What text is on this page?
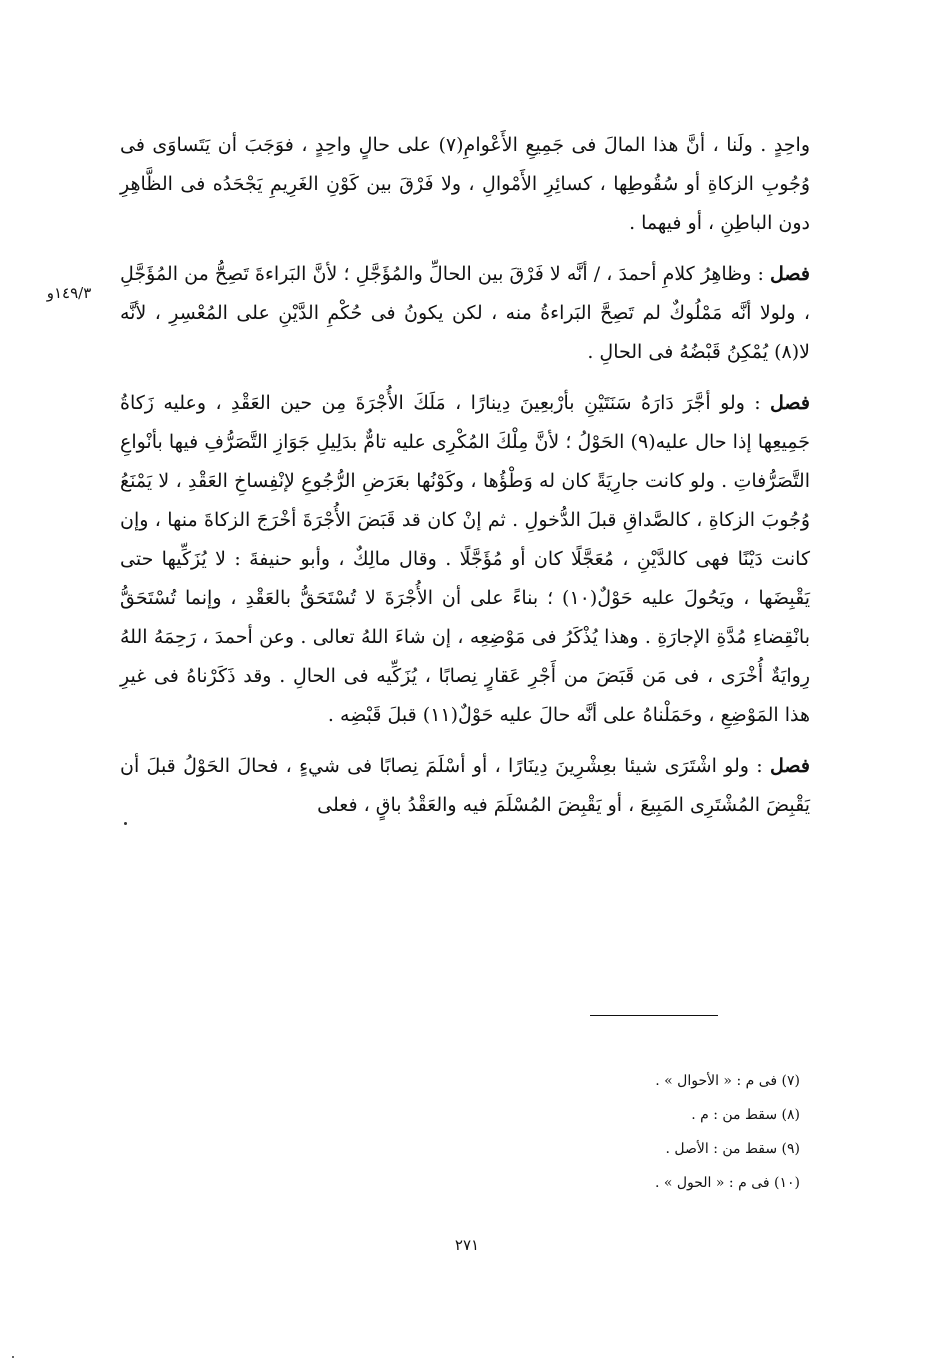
١٤٩/٣و

واحِدٍ . ولَنا ، أنَّ هذا المالَ فى جَمِيعِ الأَعْوامِ(٧) على حالٍ واحِدٍ ، فوَجَبَ أن يَتَساوَى فى وُجُوبِ الزكاةِ أو سُقُوطِها ، كسائِرِ الأَمْوالِ ، ولا فَرْقَ بين كَوْنِ الغَرِيمِ يَجْحَدُه فى الظَّاهِرِ دون الباطِنِ ، أو فيهما .

فصل : وظاهِرُ كلامِ أحمدَ ، / أنَّه لا فَرْقَ بين الحالِّ والمُؤَجَّلِ ؛ لأنَّ البَراءةَ تَصِحُّ من المُؤَجَّلِ ، ولولا أنَّه مَمْلُوكٌ لم تَصِحَّ البَراءةُ منه ، لكن يكونُ فى حُكْمِ الدَّيْنِ على المُعْسِرِ ، لأنَّه لا(٨) يُمْكِنُ قَبْضُهُ فى الحالِ .

فصل : ولو أجَّرَ دَارَهُ سَنَتَيْنِ بأرْبعِينَ دِينارًا ، مَلَكَ الأُجْرَةَ مِن حين العَقْدِ ، وعليه زَكاةُ جَمِيعِها إذا حال عليه(٩) الحَوْلُ ؛ لأنَّ مِلْكَ المُكْرِى عليه تامٌّ بدَلِيلِ جَوَازِ التَّصَرُّفِ فيها بأنْواعِ التَّصَرُّفاتِ . ولو كانت جارِيَةً كان له وَطْؤُها ، وكَوْنُها بعَرَضِ الرُّجُوعِ لإنْفِساخِ العَقْدِ ، لا يَمْنَعُ وُجُوبَ الزكاةِ ، كالصَّداقِ قبلَ الدُّخولِ . ثم إنْ كان قد قَبَضَ الأُجْرَةَ أخْرَجَ الزكاةَ منها ، وإن كانت دَيْنًا فهى كالدَّيْنِ ، مُعَجَّلًا كان أو مُؤَجَّلًا . وقال مالِكٌ ، وأبو حنيفةَ : لا يُزَكِّيها حتى يَقْبِضَها ، ويَحُولَ عليه حَوْلٌ(١٠) ؛ بناءً على أن الأُجْرَةَ لا تُسْتَحَقُّ بالعَقْدِ ، وإنما تُسْتَحَقُّ بانْقِضاءِ مُدَّةِ الإجارَةِ . وهذا يُذْكَرُ فى مَوْضِعِه ، إن شاءَ اللهُ تعالى . وعن أحمدَ ، رَحِمَهُ اللهُ رِوايَةٌ أُخْرَى ، فى مَن قَبَضَ من أَجْرِ عَقارٍ نِصابًا ، يُزَكِّيه فى الحالِ . وقد ذَكَرْناهُ فى غيرِ هذا المَوْضِعِ ، وحَمَلْناهُ على أنَّه حالَ عليه حَوْلٌ(١١) قبلَ قَبْضِه .

فصل : ولو اشْتَرَى شيئا بعِشْرِينَ دِينَارًا ، أو أسْلَمَ نِصابًا فى شيءٍ ، فحالَ الحَوْلُ قبلَ أن يَقْبِضَ المُشْتَرِى المَبِيعَ ، أو يَقْبِضَ المُسْلَمَ فيه والعَقْدُ باقٍ ، فعلى

(٧) فى م : « الأحوال » .
(٨) سقط من : م .
(٩) سقط من : الأصل .
(١٠) فى م : « الحول » .
٢٧١
